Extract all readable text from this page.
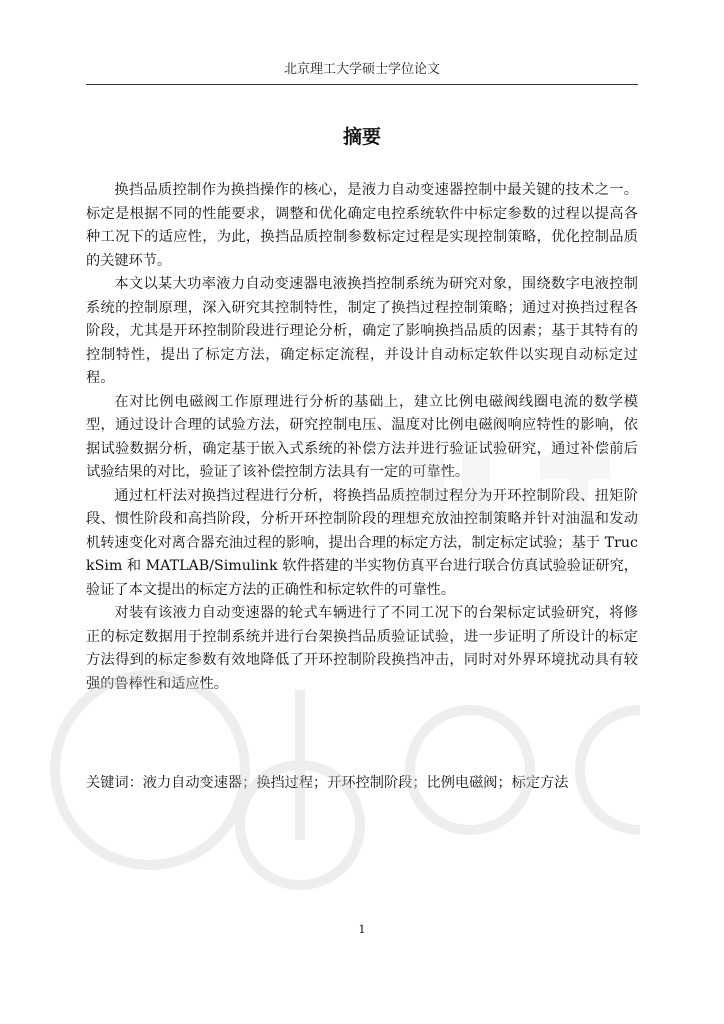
北京理工大学硕士学位论文
摘要

换挡品质控制作为换挡操作的核心，是液力自动变速器控制中最关键的技术之一。标定是根据不同的性能要求，调整和优化确定电控系统软件中标定参数的过程以提高各种工况下的适应性，为此，换挡品质控制参数标定过程是实现控制策略，优化控制品质的关键环节。

本文以某大功率液力自动变速器电液换挡控制系统为研究对象，围绕数字电液控制系统的控制原理，深入研究其控制特性，制定了换挡过程控制策略；通过对换挡过程各阶段，尤其是开环控制阶段进行理论分析，确定了影响换挡品质的因素；基于其特有的控制特性，提出了标定方法，确定标定流程，并设计自动标定软件以实现自动标定过程。

在对比例电磁阀工作原理进行分析的基础上，建立比例电磁阀线圈电流的数学模型，通过设计合理的试验方法，研究控制电压、温度对比例电磁阀响应特性的影响，依据试验数据分析，确定基于嵌入式系统的补偿方法并进行验证试验研究，通过补偿前后试验结果的对比，验证了该补偿控制方法具有一定的可靠性。

通过杠杆法对换挡过程进行分析，将换挡品质控制过程分为开环控制阶段、扭矩阶段、惯性阶段和高挡阶段，分析开环控制阶段的理想充放油控制策略并针对油温和发动机转速变化对离合器充油过程的影响，提出合理的标定方法，制定标定试验；基于 TruckSim 和 MATLAB/Simulink 软件搭建的半实物仿真平台进行联合仿真试验验证研究，验证了本文提出的标定方法的正确性和标定软件的可靠性。

对装有该液力自动变速器的轮式车辆进行了不同工况下的台架标定试验研究，将修正的标定数据用于控制系统并进行台架换挡品质验证试验，进一步证明了所设计的标定方法得到的标定参数有效地降低了开环控制阶段换挡冲击，同时对外界环境扰动具有较强的鲁棒性和适应性。

关键词：液力自动变速器；换挡过程；开环控制阶段；比例电磁阀；标定方法
1
